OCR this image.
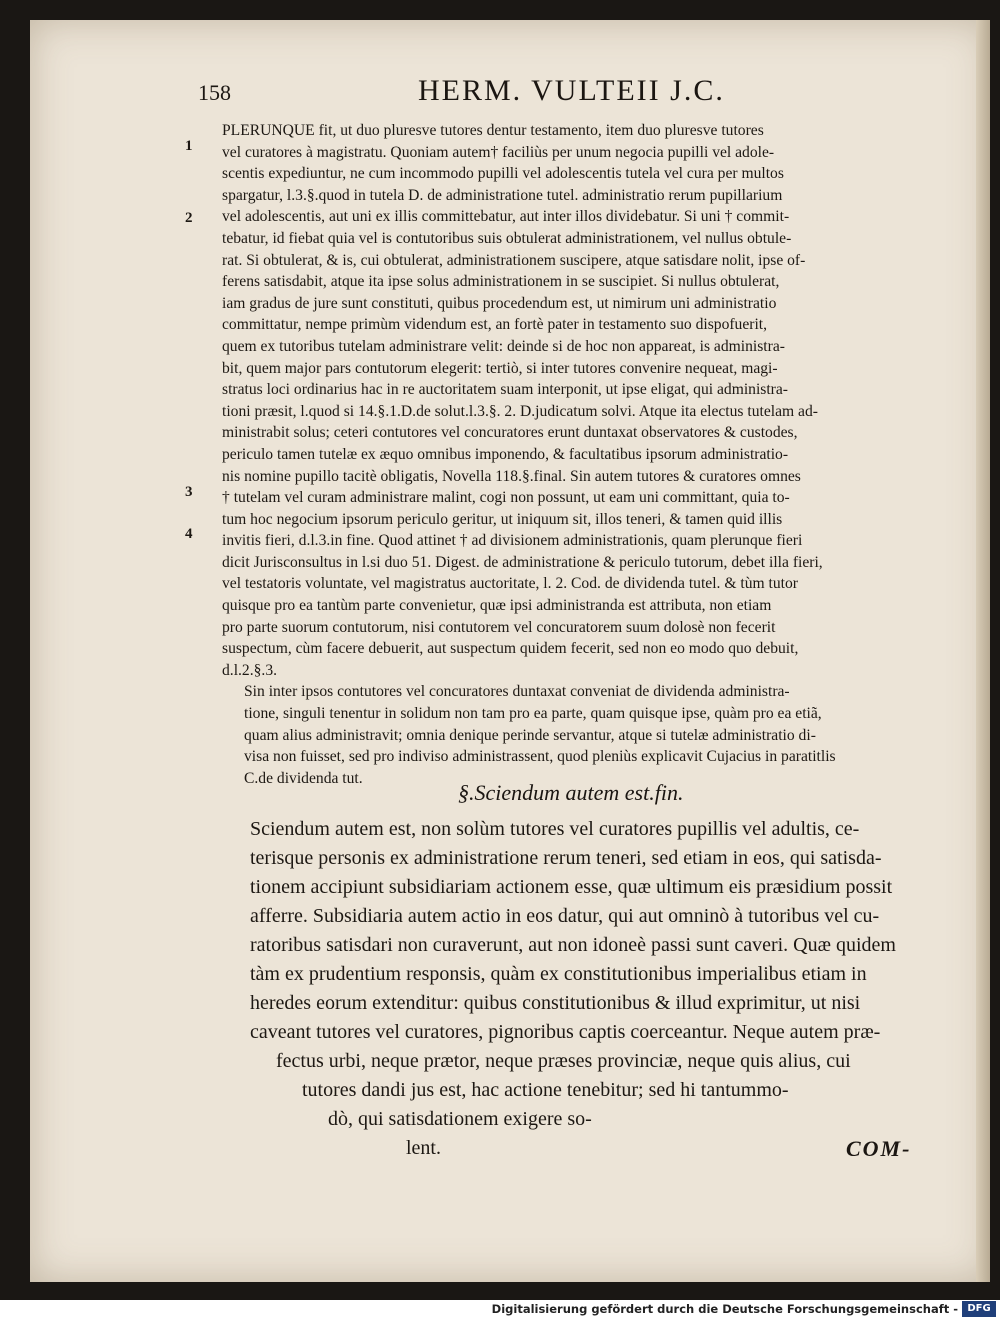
158	HERM. VULTEII J.C.
1
2
3
4
PLERUNQUE fit, ut duo pluresve tutores dentur testamento, item duo pluresve tutores
vel curatores à magistratu. Quoniam autem† faciliùs per unum negocia pupilli vel adole-
scentis expediuntur, ne cum incommodo pupilli vel adolescentis tutela vel cura per multos
spargatur, l.3.§.quod in tutela D. de administratione tutel. administratio rerum pupillarium
vel adolescentis, aut uni ex illis committebatur, aut inter illos dividebatur. Si uni † commit-
tebatur, id fiebat quia vel is contutoribus suis obtulerat administrationem, vel nullus obtule-
rat. Si obtulerat, & is, cui obtulerat, administrationem suscipere, atque satisdare nolit, ipse of-
ferens satisdabit, atque ita ipse solus administrationem in se suscipiet. Si nullus obtulerat,
iam gradus de jure sunt constituti, quibus procedendum est, ut nimirum uni administratio
committatur, nempe primùm videndum est, an fortè pater in testamento suo dispofuerit,
quem ex tutoribus tutelam administrare velit: deinde si de hoc non appareat, is administra-
bit, quem major pars contutorum elegerit: tertiò, si inter tutores convenire nequeat, magi-
stratus loci ordinarius hac in re auctoritatem suam interponit, ut ipse eligat, qui administra-
tioni præsit, l.quod si 14.§.1.D.de solut.l.3.§. 2. D.judicatum solvi. Atque ita electus tutelam ad-
ministrabit solus; ceteri contutores vel concuratores erunt duntaxat observatores & custodes,
periculo tamen tutelæ ex æquo omnibus imponendo, & facultatibus ipsorum administratio-
nis nomine pupillo tacitè obligatis, Novella 118.§.final. Sin autem tutores & curatores omnes
† tutelam vel curam administrare malint, cogi non possunt, ut eam uni committant, quia to-
tum hoc negocium ipsorum periculo geritur, ut iniquum sit, illos teneri, & tamen quid illis
invitis fieri, d.l.3.in fine. Quod attinet † ad divisionem administrationis, quam plerunque fieri
dicit Jurisconsultus in l.si duo 51. Digest. de administratione & periculo tutorum, debet illa fieri,
vel testatoris voluntate, vel magistratus auctoritate, l. 2. Cod. de dividenda tutel. & tùm tutor
quisque pro ea tantùm parte convenietur, quæ ipsi administranda est attributa, non etiam
pro parte suorum contutorum, nisi contutorem vel concuratorem suum dolosè non fecerit
suspectum, cùm facere debuerit, aut suspectum quidem fecerit, sed non eo modo quo debuit,
d.l.2.§.3.
Sin inter ipsos contutores vel concuratores duntaxat conveniat de dividenda administra-
tione, singuli tenentur in solidum non tam pro ea parte, quam quisque ipse, quàm pro ea etiã,
quam alius administravit; omnia denique perinde servantur, atque si tutelæ administratio di-
visa non fuisset, sed pro indiviso administrassent, quod pleniùs explicavit Cujacius in paratitlis
C.de dividenda tut.
§.Sciendum autem est.fin.
Sciendum autem est, non solùm tutores vel curatores pupillis vel adultis, ce-
terisque personis ex administratione rerum teneri, sed etiam in eos, qui satisda-
tionem accipiunt subsidiariam actionem esse, quæ ultimum eis præsidium possit
afferre. Subsidiaria autem actio in eos datur, qui aut omninò à tutoribus vel cu-
ratoribus satisdari non curaverunt, aut non idoneè passi sunt caveri. Quæ quidem
tàm ex prudentium responsis, quàm ex constitutionibus imperialibus etiam in
heredes eorum extenditur: quibus constitutionibus & illud exprimitur, ut nisi
caveant tutores vel curatores, pignoribus captis coerceantur. Neque autem præ-
fectus urbi, neque prætor, neque præses provinciæ, neque quis alius, cui
tutores dandi jus est, hac actione tenebitur; sed hi tantummo-
dò, qui satisdationem exigere so-
lent.	COM-
Digitalisierung gefördert durch die Deutsche Forschungsgemeinschaft - DFG
